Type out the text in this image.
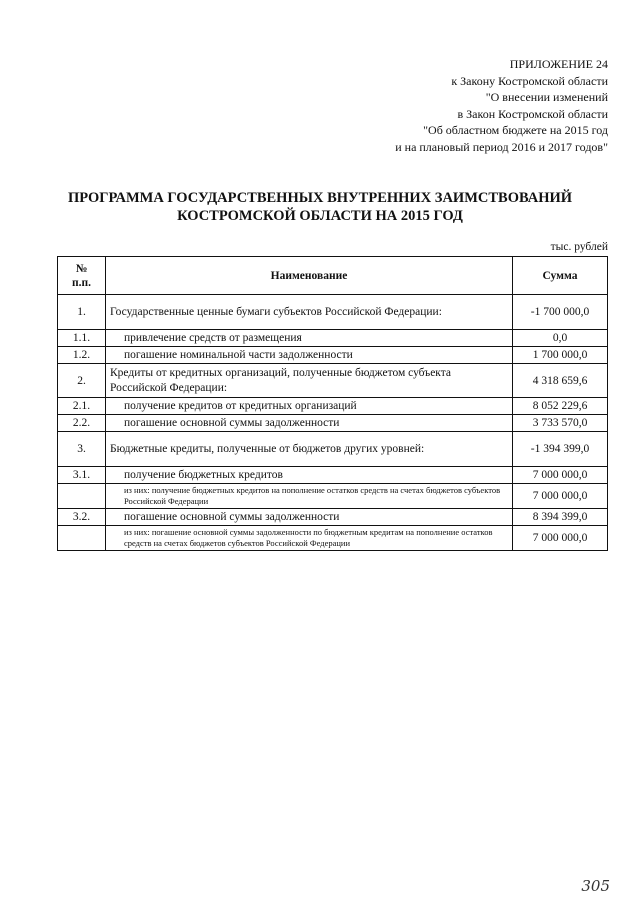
ПРИЛОЖЕНИЕ 24
к Закону Костромской области
"О внесении изменений
в Закон Костромской области
"Об областном бюджете на 2015 год
и на плановый период 2016 и 2017 годов"
ПРОГРАММА ГОСУДАРСТВЕННЫХ ВНУТРЕННИХ ЗАИМСТВОВАНИЙ
КОСТРОМСКОЙ ОБЛАСТИ НА 2015 ГОД
тыс. рублей
№
п.п.	Наименование	Сумма
1.	Государственные ценные бумаги субъектов Российской Федерации:	-1 700 000,0
1.1.	привлечение средств от размещения	0,0
1.2.	погашение номинальной части задолженности	1 700 000,0
2.	Кредиты от кредитных организаций, полученные бюджетом субъекта Российской Федерации:	4 318 659,6
2.1.	получение кредитов от кредитных организаций	8 052 229,6
2.2.	погашение основной суммы задолженности	3 733 570,0
3.	Бюджетные кредиты, полученные от бюджетов других уровней:	-1 394 399,0
3.1.	получение бюджетных кредитов	7 000 000,0
	из них: получение бюджетных кредитов на пополнение остатков средств на счетах бюджетов субъектов Российской Федерации	7 000 000,0
3.2.	погашение основной суммы задолженности	8 394 399,0
	из них: погашение основной суммы задолженности по бюджетным кредитам на пополнение остатков средств на счетах бюджетов субъектов Российской Федерации	7 000 000,0
305
